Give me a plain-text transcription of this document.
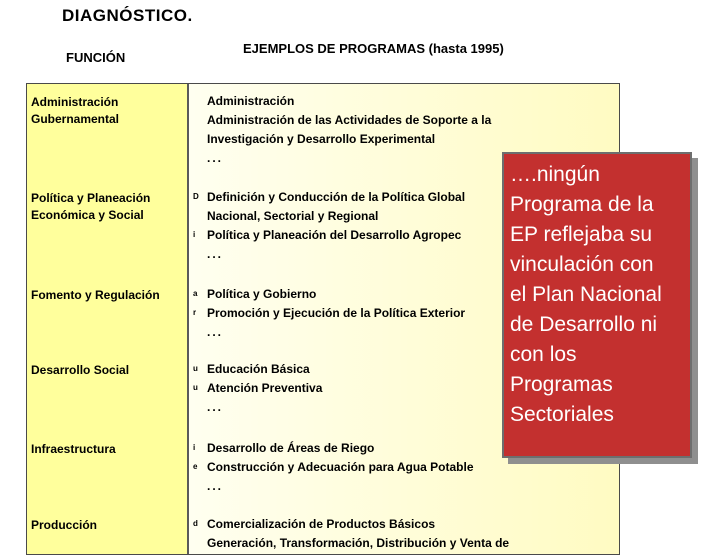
DIAGNÓSTICO.
FUNCIÓN
EJEMPLOS DE PROGRAMAS (hasta 1995)
Administración
Gubernamental
Política y Planeación
Económica y Social
Fomento y Regulación
Desarrollo Social
Infraestructura
Producción
Administración
Administración de las Actividades de Soporte a la
Investigación y Desarrollo Experimental
...
D Definición y Conducción de la Política Global
Nacional, Sectorial y Regional
i Política y Planeación del Desarrollo Agropec
...
a Política y Gobierno
r Promoción y Ejecución de la Política Exterior
...
u Educación Básica
u Atención Preventiva
...
i Desarrollo de Áreas de Riego
e Construcción y Adecuación para Agua Potable
...
d Comercialización de Productos Básicos
Generación, Transformación, Distribución y Venta de
….ningún
Programa de la
EP reflejaba su
vinculación con
el Plan Nacional
de Desarrollo ni
con los
Programas
Sectoriales
